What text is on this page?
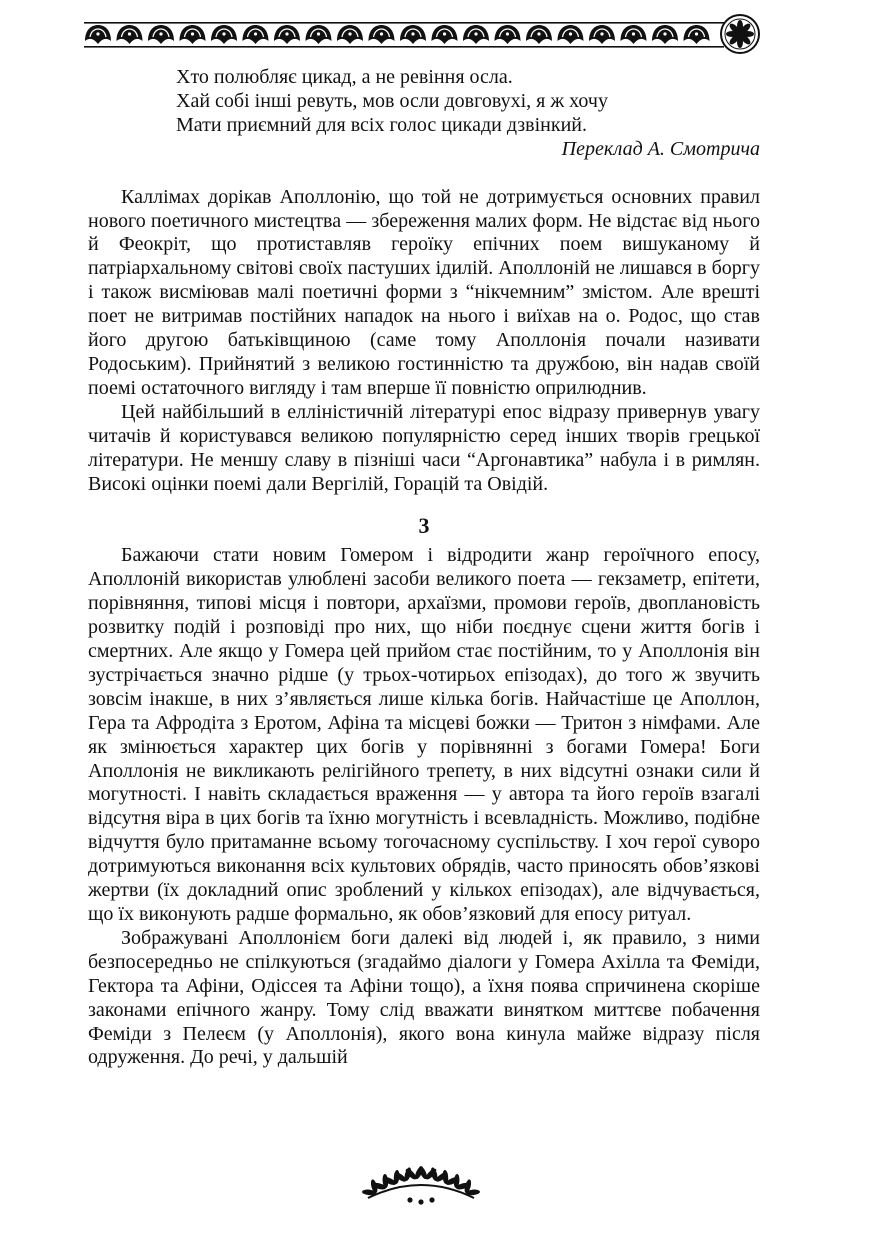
Хто полюбляє цикад, а не ревіння осла.
Хай собі інші ревуть, мов осли довговухі, я ж хочу
Мати приємний для всіх голос цикади дзвінкий.
Переклад А. Смотрича

Каллімах дорікав Аполлонію, що той не дотримується основних правил нового поетичного мистецтва — збереження малих форм. Не відстає від нього й Феокріт, що протиставляв героїку епічних поем вишуканому й патріархальному світові своїх пастуших ідилій. Аполлоній не лишався в боргу і також висміював малі поетичні форми з “нікчемним” змістом. Але врешті поет не витримав постійних нападок на нього і виїхав на о. Родос, що став його другою батьківщиною (саме тому Аполлонія почали називати Родоським). Прийнятий з великою гостинністю та дружбою, він надав своїй поемі остаточного вигляду і там вперше її повністю оприлюднив.

Цей найбільший в елліністичній літературі епос відразу привернув увагу читачів й користувався великою популярністю серед інших творів грецької літератури. Не меншу славу в пізніші часи “Аргонавтика” набула і в римлян. Високі оцінки поемі дали Вергілій, Горацій та Овідій.

3

Бажаючи стати новим Гомером і відродити жанр героїчного епосу, Аполлоній використав улюблені засоби великого поета — гекзаметр, епітети, порівняння, типові місця і повтори, архаїзми, промови героїв, двоплановість розвитку подій і розповіді про них, що ніби поєднує сцени життя богів і смертних. Але якщо у Гомера цей прийом стає постійним, то у Аполлонія він зустрічається значно рідше (у трьох-чотирьох епізодах), до того ж звучить зовсім інакше, в них з’являється лише кілька богів. Найчастіше це Аполлон, Гера та Афродіта з Еротом, Афіна та місцеві божки — Тритон з німфами. Але як змінюється характер цих богів у порівнянні з богами Гомера! Боги Аполлонія не викликають релігійного трепету, в них відсутні ознаки сили й могутності. І навіть складається враження — у автора та його героїв взагалі відсутня віра в цих богів та їхню могутність і всевладність. Можливо, подібне відчуття було притаманне всьому тогочасному суспільству. І хоч герої суворо дотримуються виконання всіх культових обрядів, часто приносять обов’язкові жертви (їх докладний опис зроблений у кількох епізодах), але відчувається, що їх виконують радше формально, як обов’язковий для епосу ритуал.

Зображувані Аполлонієм боги далекі від людей і, як правило, з ними безпосередньо не спілкуються (згадаймо діалоги у Гомера Ахілла та Феміди, Гектора та Афіни, Одіссея та Афіни тощо), а їхня поява спричинена скоріше законами епічного жанру. Тому слід вважати винятком миттєве побачення Феміди з Пелеєм (у Аполлонія), якого вона кинула майже відразу після одруження. До речі, у дальшій
